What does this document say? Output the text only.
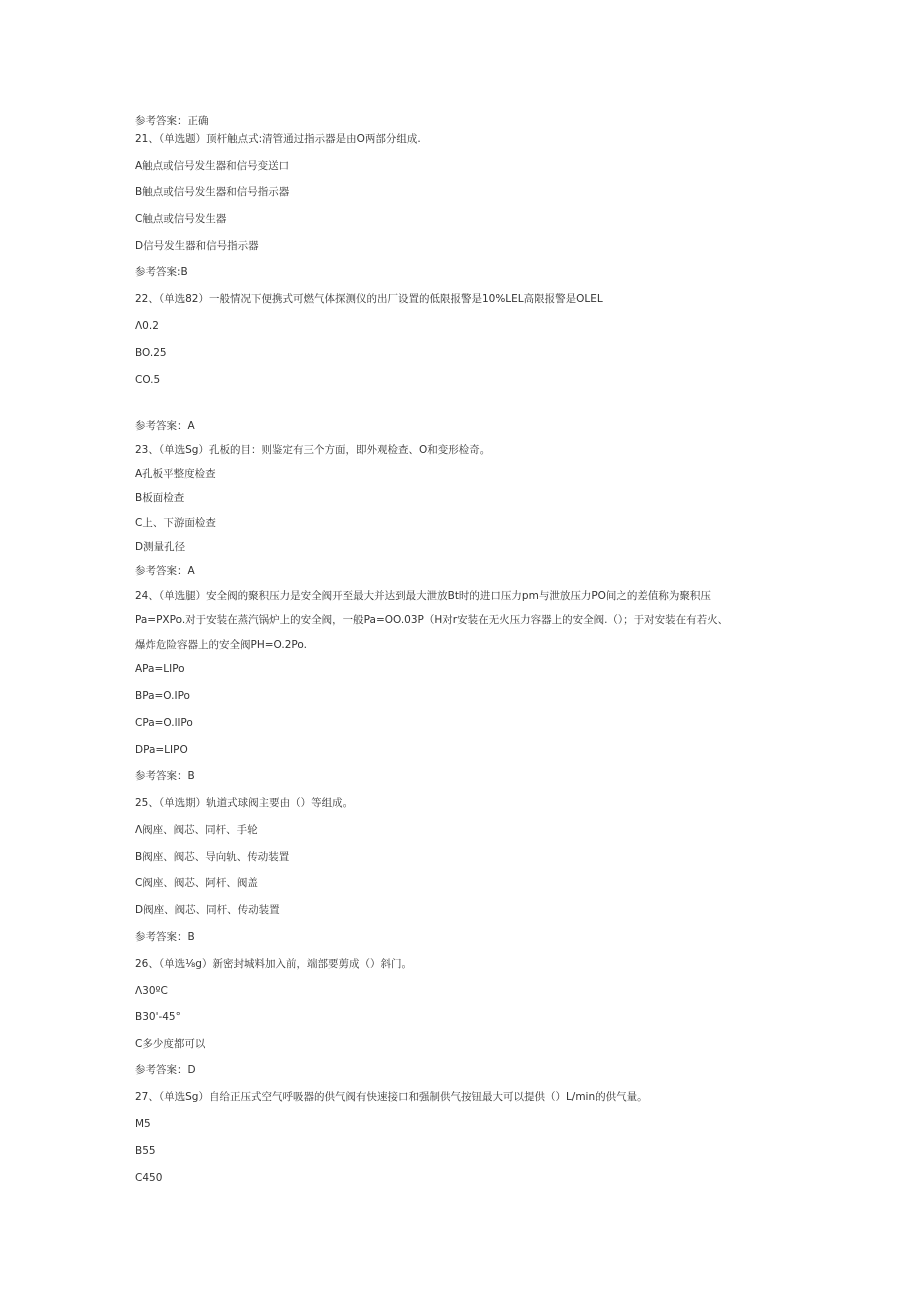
参考答案：正确
21、（单选题）顶杆触点式:清管通过指示器是由O两部分组成.
A触点或信号发生器和信号变送口
B触点或信号发生器和信号指示器
C触点或信号发生器
D信号发生器和信号指示器
参考答案:B
22、（单选82）一般情况下便携式可燃气体探测仪的出厂设置的低限报警是10%LEL高限报警是OLEL
Λ0.2
BO.25
CO.5
参考答案：A
23、（单选Sg）孔板的目：则鉴定有三个方面，即外观检查、O和变形检奇。
A孔板平整度检查
B板面检查
C上、下游面检查
D测量孔径
参考答案：A
24、（单选腿）安全阀的聚积压力是安全阀开至最大并达到最大泄放Bt时的进口压力pm与泄放压力PO间之的差值称为聚积压
Pa=PXPo.对于安装在蒸汽锅炉上的安全阀，一般Pa=OO.03P（H对r安装在无火压力容器上的安全阀.（）；于对安装在有若火、
爆炸危险容器上的安全阀PH=O.2Po.
APa=LIPo
BPa=O.IPo
CPa=O.llPo
DPa=LIPO
参考答案：B
25、（单选期）轨道式球阀主要由（）等组成。
Λ阀座、阀芯、同杆、手轮
B阀座、阀芯、导向轨、传动装置
C阀座、阀芯、阿杆、阀盖
D阀座、阀芯、同杆、传动装置
参考答案：B
26、（单选⅛g）新密封城料加入前，端部要剪成（）斜门。
Λ30ºC
B30'-45°
C多少度都可以
参考答案：D
27、（单选Sg）自给正压式空气呼吸器的供气阀有快速接口和强制供气按钮最大可以提供（）L/min的供气量。
M5
B55
C450
